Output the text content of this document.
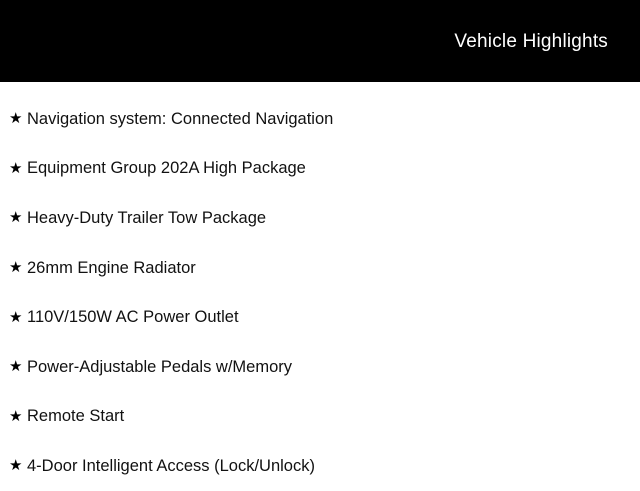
Vehicle Highlights
★ Navigation system: Connected Navigation
★ Equipment Group 202A High Package
★ Heavy-Duty Trailer Tow Package
★ 26mm Engine Radiator
★ 110V/150W AC Power Outlet
★ Power-Adjustable Pedals w/Memory
★ Remote Start
★ 4-Door Intelligent Access (Lock/Unlock)
